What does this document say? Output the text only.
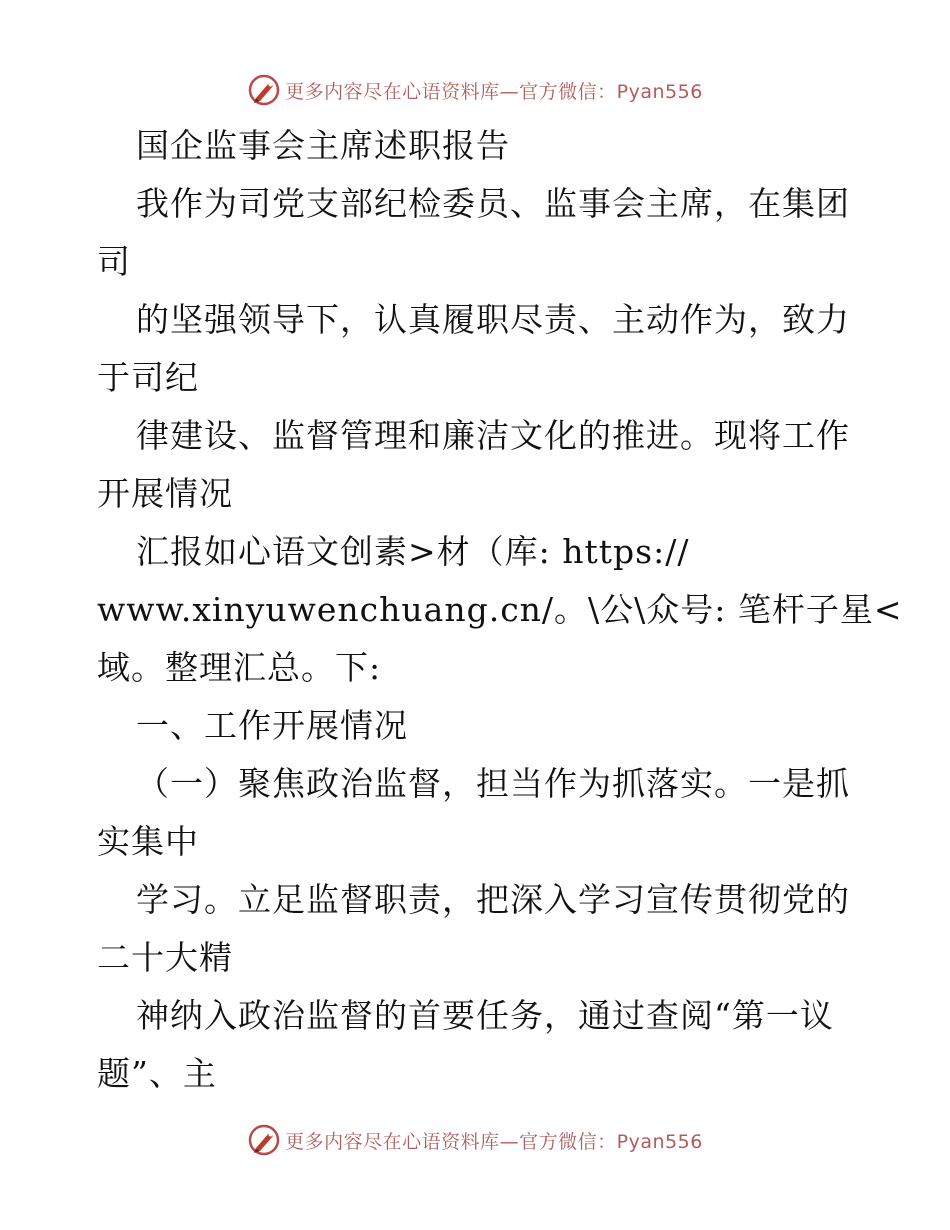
更多内容尽在心语资料库—官方微信：Pyan556
国企监事会主席述职报告
我作为司党支部纪检委员、监事会主席，在集团
司
的坚强领导下，认真履职尽责、主动作为，致力
于司纪
律建设、监督管理和廉洁文化的推进。现将工作
开展情况
汇报如心语文创素>材（库: https://
www.xinyuwenchuang.cn/。\公\众号: 笔杆子星<
域。整理汇总。下:
一、工作开展情况
（一）聚焦政治监督，担当作为抓落实。一是抓
实集中
学习。立足监督职责，把深入学习宣传贯彻党的
二十大精
神纳入政治监督的首要任务，通过查阅“第一议
题”、主
更多内容尽在心语资料库—官方微信：Pyan556
